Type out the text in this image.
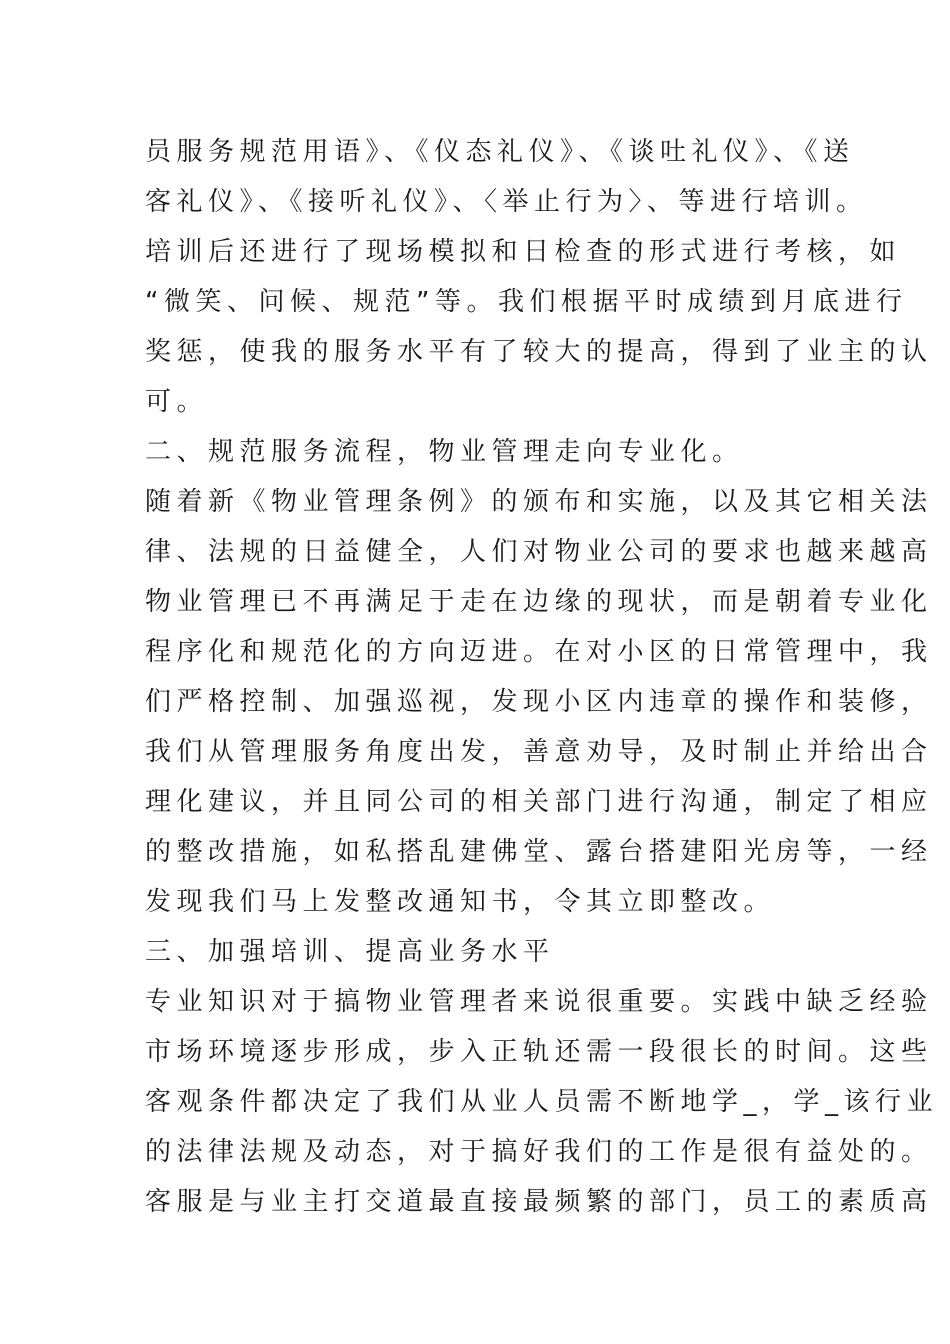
员服务规范用语》、《仪态礼仪》、《谈吐礼仪》、《送

客礼仪》、《接听礼仪》、〈举止行为〉、等进行培训。

培训后还进行了现场模拟和日检查的形式进行考核，如

“微笑、问候、规范”等。我们根据平时成绩到月底进行

奖惩，使我的服务水平有了较大的提高，得到了业主的认

可。

二、规范服务流程，物业管理走向专业化。

随着新《物业管理条例》的颁布和实施，以及其它相关法

律、法规的日益健全，人们对物业公司的要求也越来越高

物业管理已不再满足于走在边缘的现状，而是朝着专业化

程序化和规范化的方向迈进。在对小区的日常管理中，我

们严格控制、加强巡视，发现小区内违章的操作和装修，

我们从管理服务角度出发，善意劝导，及时制止并给出合

理化建议，并且同公司的相关部门进行沟通，制定了相应

的整改措施，如私搭乱建佛堂、露台搭建阳光房等，一经

发现我们马上发整改通知书，令其立即整改。

三、加强培训、提高业务水平

专业知识对于搞物业管理者来说很重要。实践中缺乏经验

市场环境逐步形成，步入正轨还需一段很长的时间。这些

客观条件都决定了我们从业人员需不断地学_，学_该行业

的法律法规及动态，对于搞好我们的工作是很有益处的。

客服是与业主打交道最直接最频繁的部门，员工的素质高
